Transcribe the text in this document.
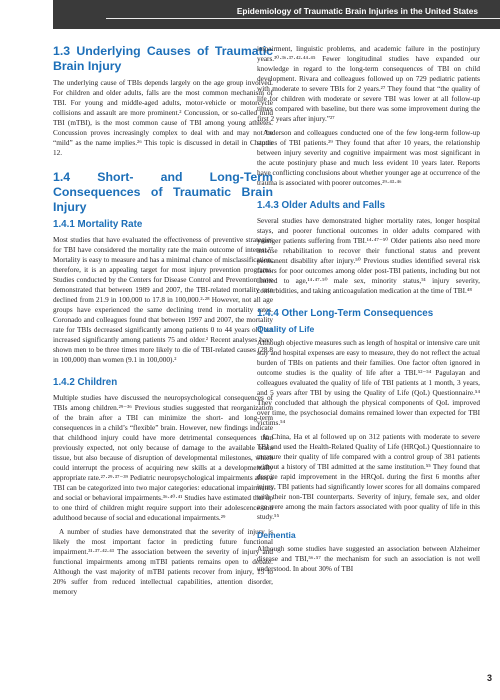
Epidemiology of Traumatic Brain Injuries in the United States
1.3 Underlying Causes of Traumatic Brain Injury

The underlying cause of TBIs depends largely on the age group involved. For children and older adults, falls are the most common mechanism of TBI. For young and middle-aged adults, motor-vehicle or motorcycle collisions and assault are more prominent.² Concussion, or so-called mild TBI (mTBI), is the most common cause of TBI among young athletes. Concussion proves increasingly complex to deal with and may not be “mild” as the name implies.²⁶ This topic is discussed in detail in Chapter 12.

1.4 Short- and Long-Term Consequences of Traumatic Brain Injury
1.4.1 Mortality Rate

Most studies that have evaluated the effectiveness of preventive strategies for TBI have considered the mortality rate the main outcome of interest.²⁷ Mortality is easy to measure and has a minimal chance of misclassification; therefore, it is an appealing target for most injury prevention programs. Studies conducted by the Centers for Disease Control and Prevention have demonstrated that between 1989 and 2007, the TBI-related mortality rate declined from 21.9 in 100,000 to 17.8 in 100,000.²·²⁸ However, not all age groups have experienced the same declining trend in mortality rates. Coronado and colleagues found that between 1997 and 2007, the mortality rate for TBIs decreased significantly among patients 0 to 44 years old but increased significantly among patients 75 and older.² Recent analyses have shown men to be three times more likely to die of TBI-related causes (28.8 in 100,000) than women (9.1 in 100,000).²

1.4.2 Children

Multiple studies have discussed the neuropsychological consequences of TBIs among children.²⁹⁻³⁶ Previous studies suggested that reorganization of the brain after a TBI can minimize the short- and long-term consequences in a child’s “flexible” brain. However, new findings indicate that childhood injury could have more detrimental consequences than previously expected, not only because of damage to the available brain tissue, but also because of disruption of developmental milestones, which could interrupt the process of acquiring new skills at a developmentally appropriate rate.²⁷·²⁹·³⁷⁻³⁹ Pediatric neuropsychological impairments after a TBI can be categorized into two major categories: educational impairments and social or behavioral impairments.³⁶·⁴⁰·⁴¹ Studies have estimated that up to one third of children might require support into their adolescence and adulthood because of social and educational impairments.²⁹

A number of studies have demonstrated that the severity of injury is likely the most important factor in predicting future functional impairment.³¹·³⁷·⁴²·⁴³ The association between the severity of injury and functional impairments among mTBI patients remains open to debate. Although the vast majority of mTBI patients recover from injury, 15 to 20% suffer from reduced intellectual capabilities, attention disorder, memory

impairment, linguistic problems, and academic failure in the postinjury years.³⁰·³⁶·³⁷·⁴²·⁴⁴·⁴⁵ Fewer longitudinal studies have expanded our knowledge in regard to the long-term consequences of TBI on child development. Rivara and colleagues followed up on 729 pediatric patients with moderate to severe TBIs for 2 years.²⁷ They found that “the quality of life for children with moderate or severe TBI was lower at all follow-up times compared with baseline, but there was some improvement during the first 2 years after injury.”²⁷

Anderson and colleagues conducted one of the few long-term follow-up studies of TBI patients.²⁹ They found that after 10 years, the relationship between injury severity and cognitive impairment was most significant in the acute postinjury phase and much less evident 10 years later. Reports have conflicting conclusions about whether younger age at occurrence of the trauma is associated with poorer outcomes.²⁹·⁴³·⁴⁶

1.4.3 Older Adults and Falls

Several studies have demonstrated higher mortality rates, longer hospital stays, and poorer functional outcomes in older adults compared with younger patients suffering from TBI.¹⁴·⁴⁷⁻⁵⁰ Older patients also need more intense rehabilitation to recover their functional status and prevent permanent disability after injury.⁵⁰ Previous studies identified several risk factors for poor outcomes among older post-TBI patients, including but not limited to age,¹⁴·⁴⁷·⁵⁰ male sex, minority status,⁵¹ injury severity, comorbidities, and taking anticoagulation medication at the time of TBI.⁴⁸

1.4.4 Other Long-Term Consequences
Quality of Life

Although objective measures such as length of hospital or intensive care unit stay and hospital expenses are easy to measure, they do not reflect the actual burden of TBIs on patients and their families. One factor often ignored in outcome studies is the quality of life after a TBI.⁵²⁻⁵⁴ Pagulayan and colleagues evaluated the quality of life of TBI patients at 1 month, 3 years, and 5 years after TBI by using the Quality of Life (QoL) Questionnaire.⁵⁴ They concluded that although the physical components of QoL improved over time, the psychosocial domains remained lower than expected for TBI victims.⁵⁴

In China, Ha et al followed up on 312 patients with moderate to severe TBI and used the Health-Related Quality of Life (HRQoL) Questionnaire to measure their quality of life compared with a control group of 381 patients without a history of TBI admitted at the same institution.⁵⁵ They found that despite rapid improvement in the HRQoL during the first 6 months after injury, TBI patients had significantly lower scores for all domains compared with their non-TBI counterparts. Severity of injury, female sex, and older age were among the main factors associated with poor quality of life in this study.⁵⁵

Dementia

Although some studies have suggested an association between Alzheimer disease and TBI,⁵⁶·⁵⁷ the mechanism for such an association is not well understood. In about 30% of TBI

3
